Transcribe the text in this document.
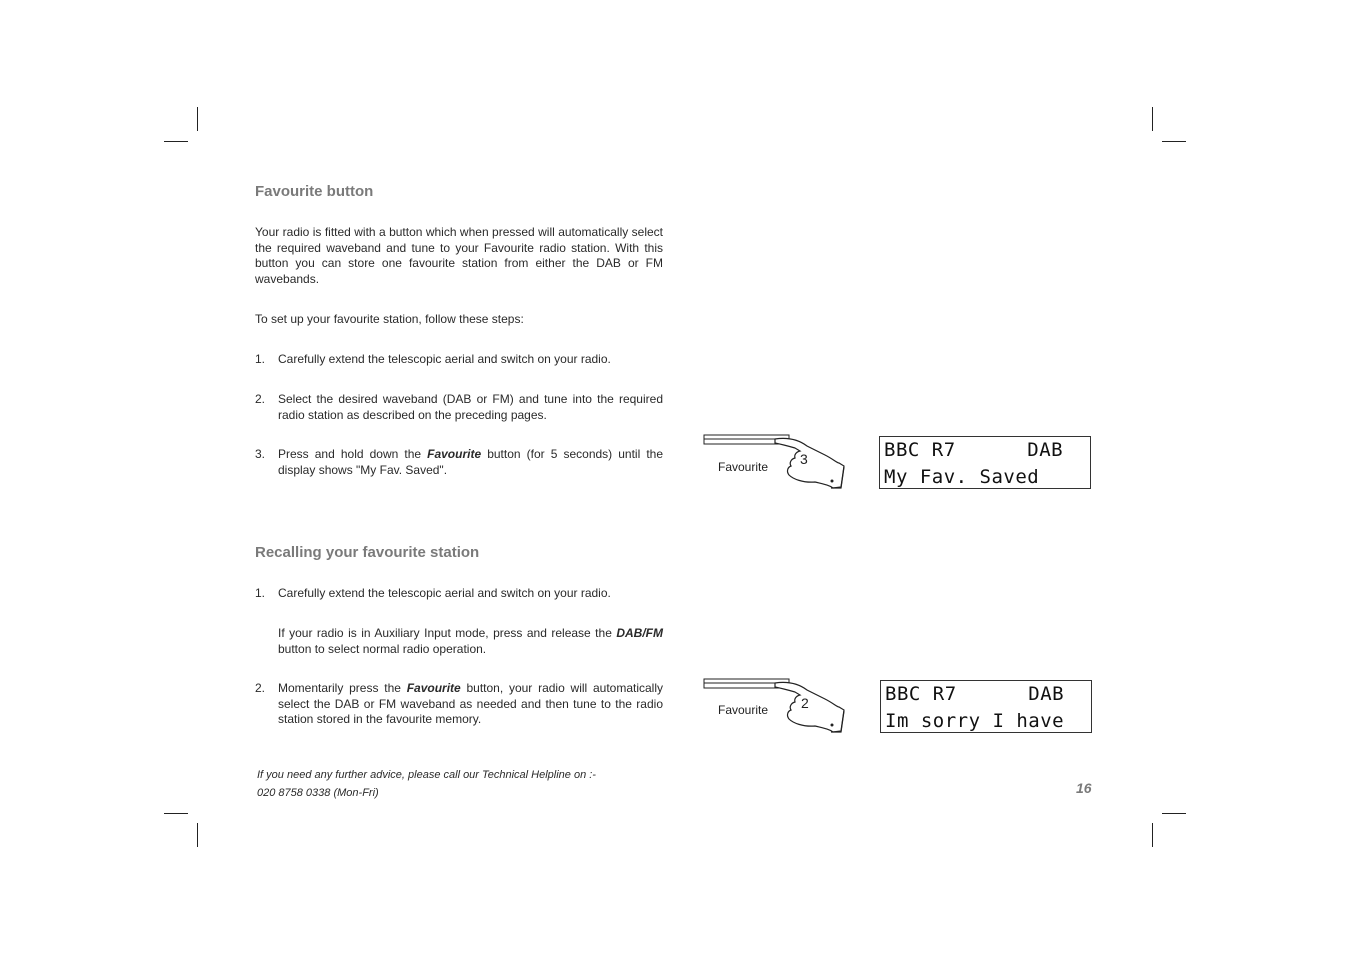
Favourite button

Your radio is fitted with a button which when pressed will automatically select the required waveband and tune to your Favourite radio station. With this button you can store one favourite station from either the DAB or FM wavebands.

To set up your favourite station, follow these steps:

1. Carefully extend the telescopic aerial and switch on your radio.
2. Select the desired waveband (DAB or FM) and tune into the required radio station as described on the preceding pages.
3. Press and hold down the Favourite button (for 5 seconds) until the display shows "My Fav. Saved".
Recalling your favourite station
1. Carefully extend the telescopic aerial and switch on your radio.
If your radio is in Auxiliary Input mode, press and release the DAB/FM button to select normal radio operation.
2. Momentarily press the Favourite button, your radio will automatically select the DAB or FM waveband as needed and then tune to the radio station stored in the favourite memory.
Favourite 3	BBC R7      DAB
My Fav. Saved
Favourite 2	BBC R7      DAB
Im sorry I have
If you need any further advice, please call our Technical Helpline on :-
020 8758 0338 (Mon-Fri)	16
